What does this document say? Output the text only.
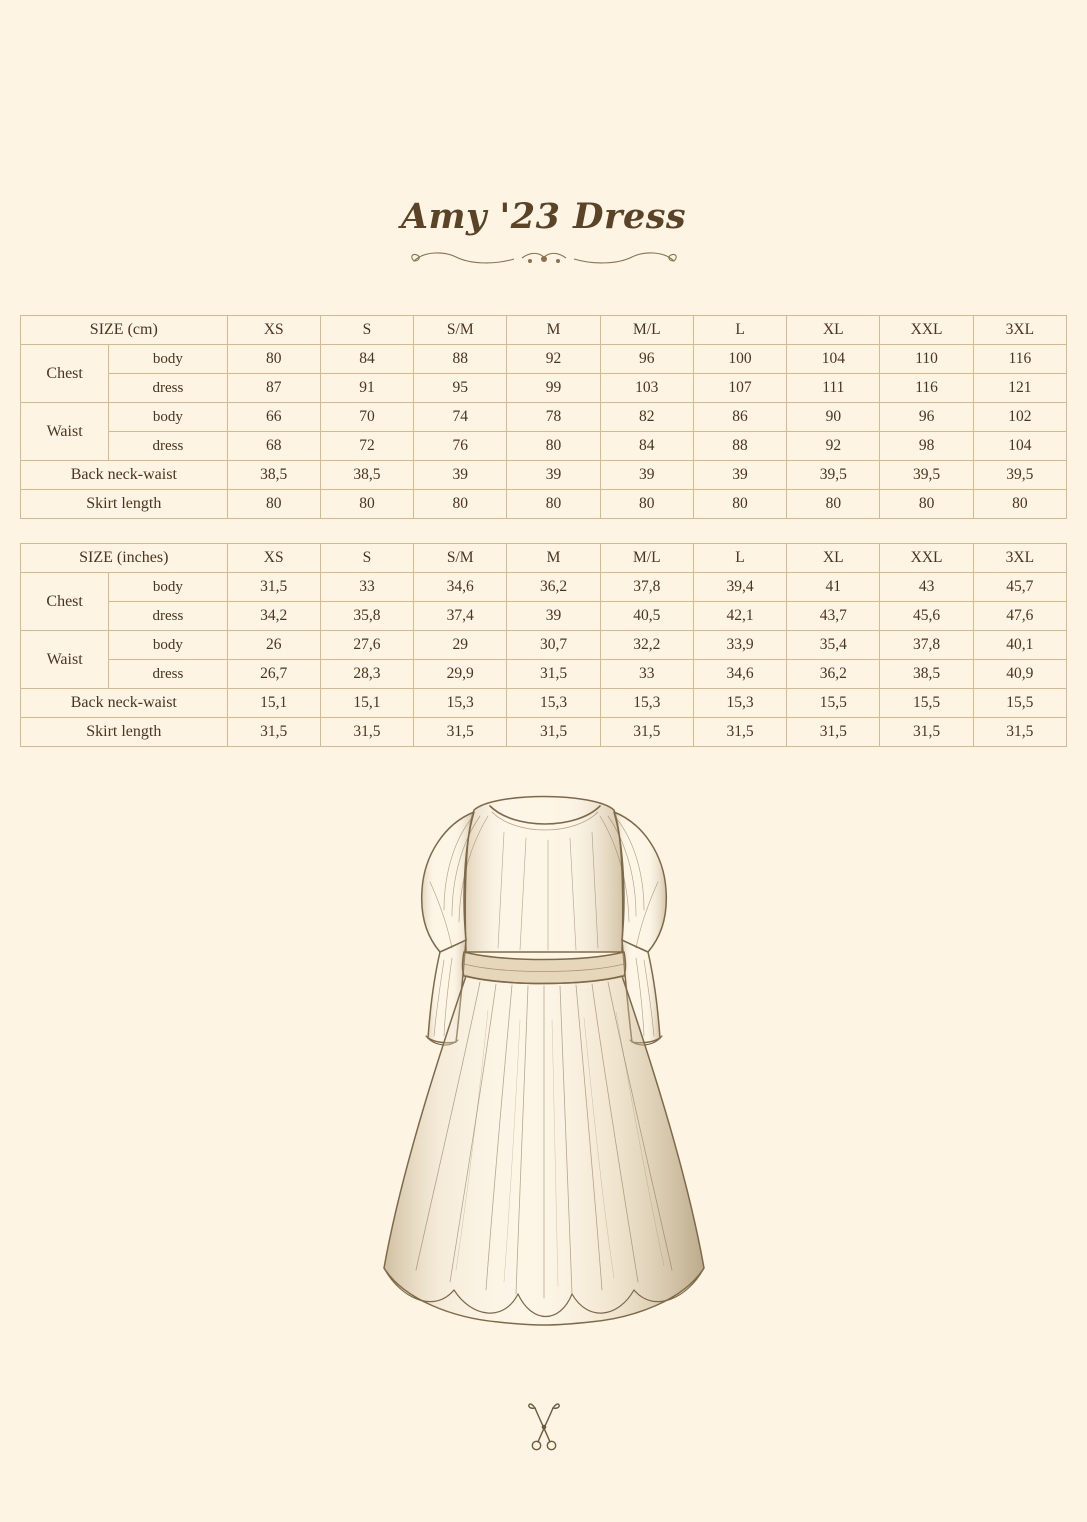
Amy '23 Dress
SIZE (cm)		XS	S	S/M	M	M/L	L	XL	XXL	3XL
Chest	body	80	84	88	92	96	100	104	110	116
	dress	87	91	95	99	103	107	111	116	121
Waist	body	66	70	74	78	82	86	90	96	102
	dress	68	72	76	80	84	88	92	98	104
Back neck-waist		38,5	38,5	39	39	39	39	39,5	39,5	39,5
Skirt length		80	80	80	80	80	80	80	80	80
SIZE (inches)		XS	S	S/M	M	M/L	L	XL	XXL	3XL
Chest	body	31,5	33	34,6	36,2	37,8	39,4	41	43	45,7
	dress	34,2	35,8	37,4	39	40,5	42,1	43,7	45,6	47,6
Waist	body	26	27,6	29	30,7	32,2	33,9	35,4	37,8	40,1
	dress	26,7	28,3	29,9	31,5	33	34,6	36,2	38,5	40,9
Back neck-waist		15,1	15,1	15,3	15,3	15,3	15,3	15,5	15,5	15,5
Skirt length		31,5	31,5	31,5	31,5	31,5	31,5	31,5	31,5	31,5
